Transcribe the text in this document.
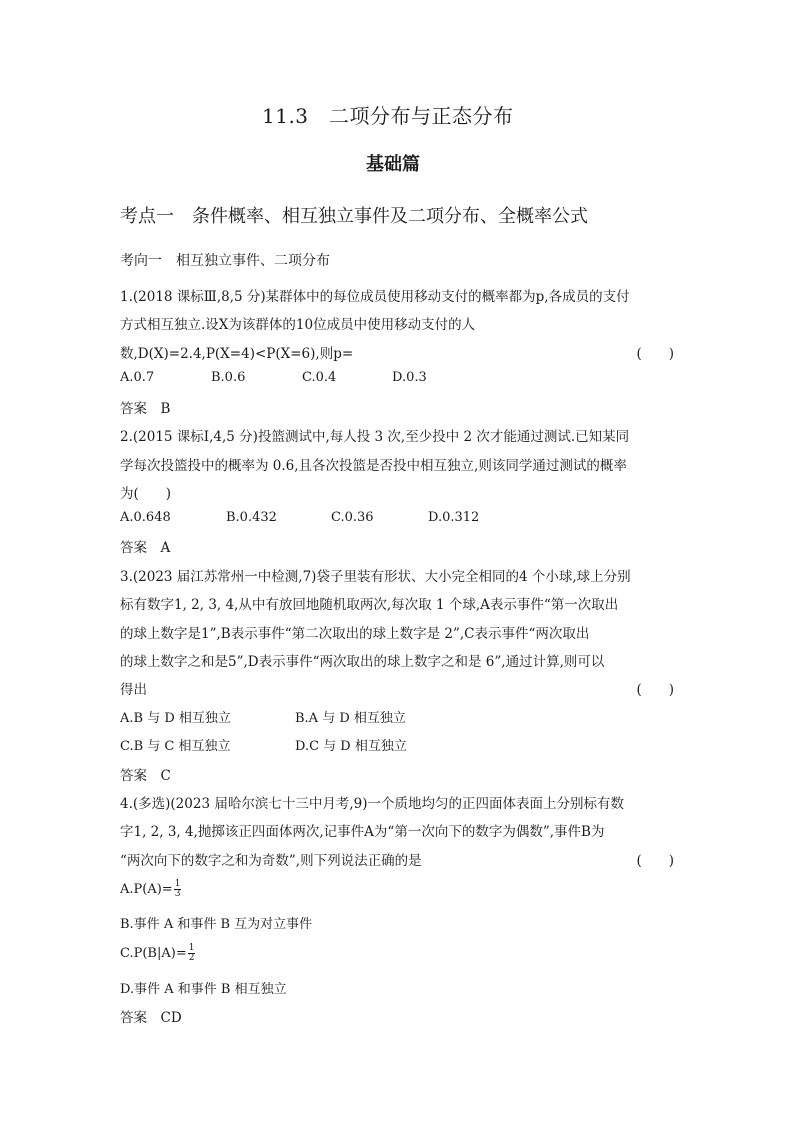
11.3　二项分布与正态分布
基础篇
考点一　条件概率、相互独立事件及二项分布、全概率公式
考向一　相互独立事件、二项分布
1.(2018 课标Ⅲ,8,5 分)某群体中的每位成员使用移动支付的概率都为p,各成员的支付
方式相互独立.设X为该群体的10位成员中使用移动支付的人
数,D(X)=2.4,P(X=4)<P(X=6),则p=	(　　)
A.0.7	B.0.6	C.0.4	D.0.3
答案　B
2.(2015 课标Ⅰ,4,5 分)投篮测试中,每人投 3 次,至少投中 2 次才能通过测试.已知某同
学每次投篮投中的概率为 0.6,且各次投篮是否投中相互独立,则该同学通过测试的概率
为(　　)
A.0.648	B.0.432	C.0.36	D.0.312
答案　A
3.(2023 届江苏常州一中检测,7)袋子里装有形状、大小完全相同的4 个小球,球上分别
标有数字1, 2, 3, 4,从中有放回地随机取两次,每次取 1 个球,A表示事件“第一次取出
的球上数字是1”,B表示事件“第二次取出的球上数字是 2”,C表示事件“两次取出
的球上数字之和是5”,D表示事件“两次取出的球上数字之和是 6”,通过计算,则可以
得出	(　　)
A.B 与 D 相互独立	B.A 与 D 相互独立
C.B 与 C 相互独立	D.C 与 D 相互独立
答案　C
4.(多选)(2023 届哈尔滨七十三中月考,9)一个质地均匀的正四面体表面上分别标有数
字1, 2, 3, 4,抛掷该正四面体两次,记事件A为“第一次向下的数字为偶数”,事件B为
“两次向下的数字之和为奇数”,则下列说法正确的是	(　　)
$A.P(A)= \frac{1}{3}$
B.事件 A 和事件 B 互为对立事件
$C.P(B|A)= \frac{1}{2}$
D.事件 A 和事件 B 相互独立
答案　CD
